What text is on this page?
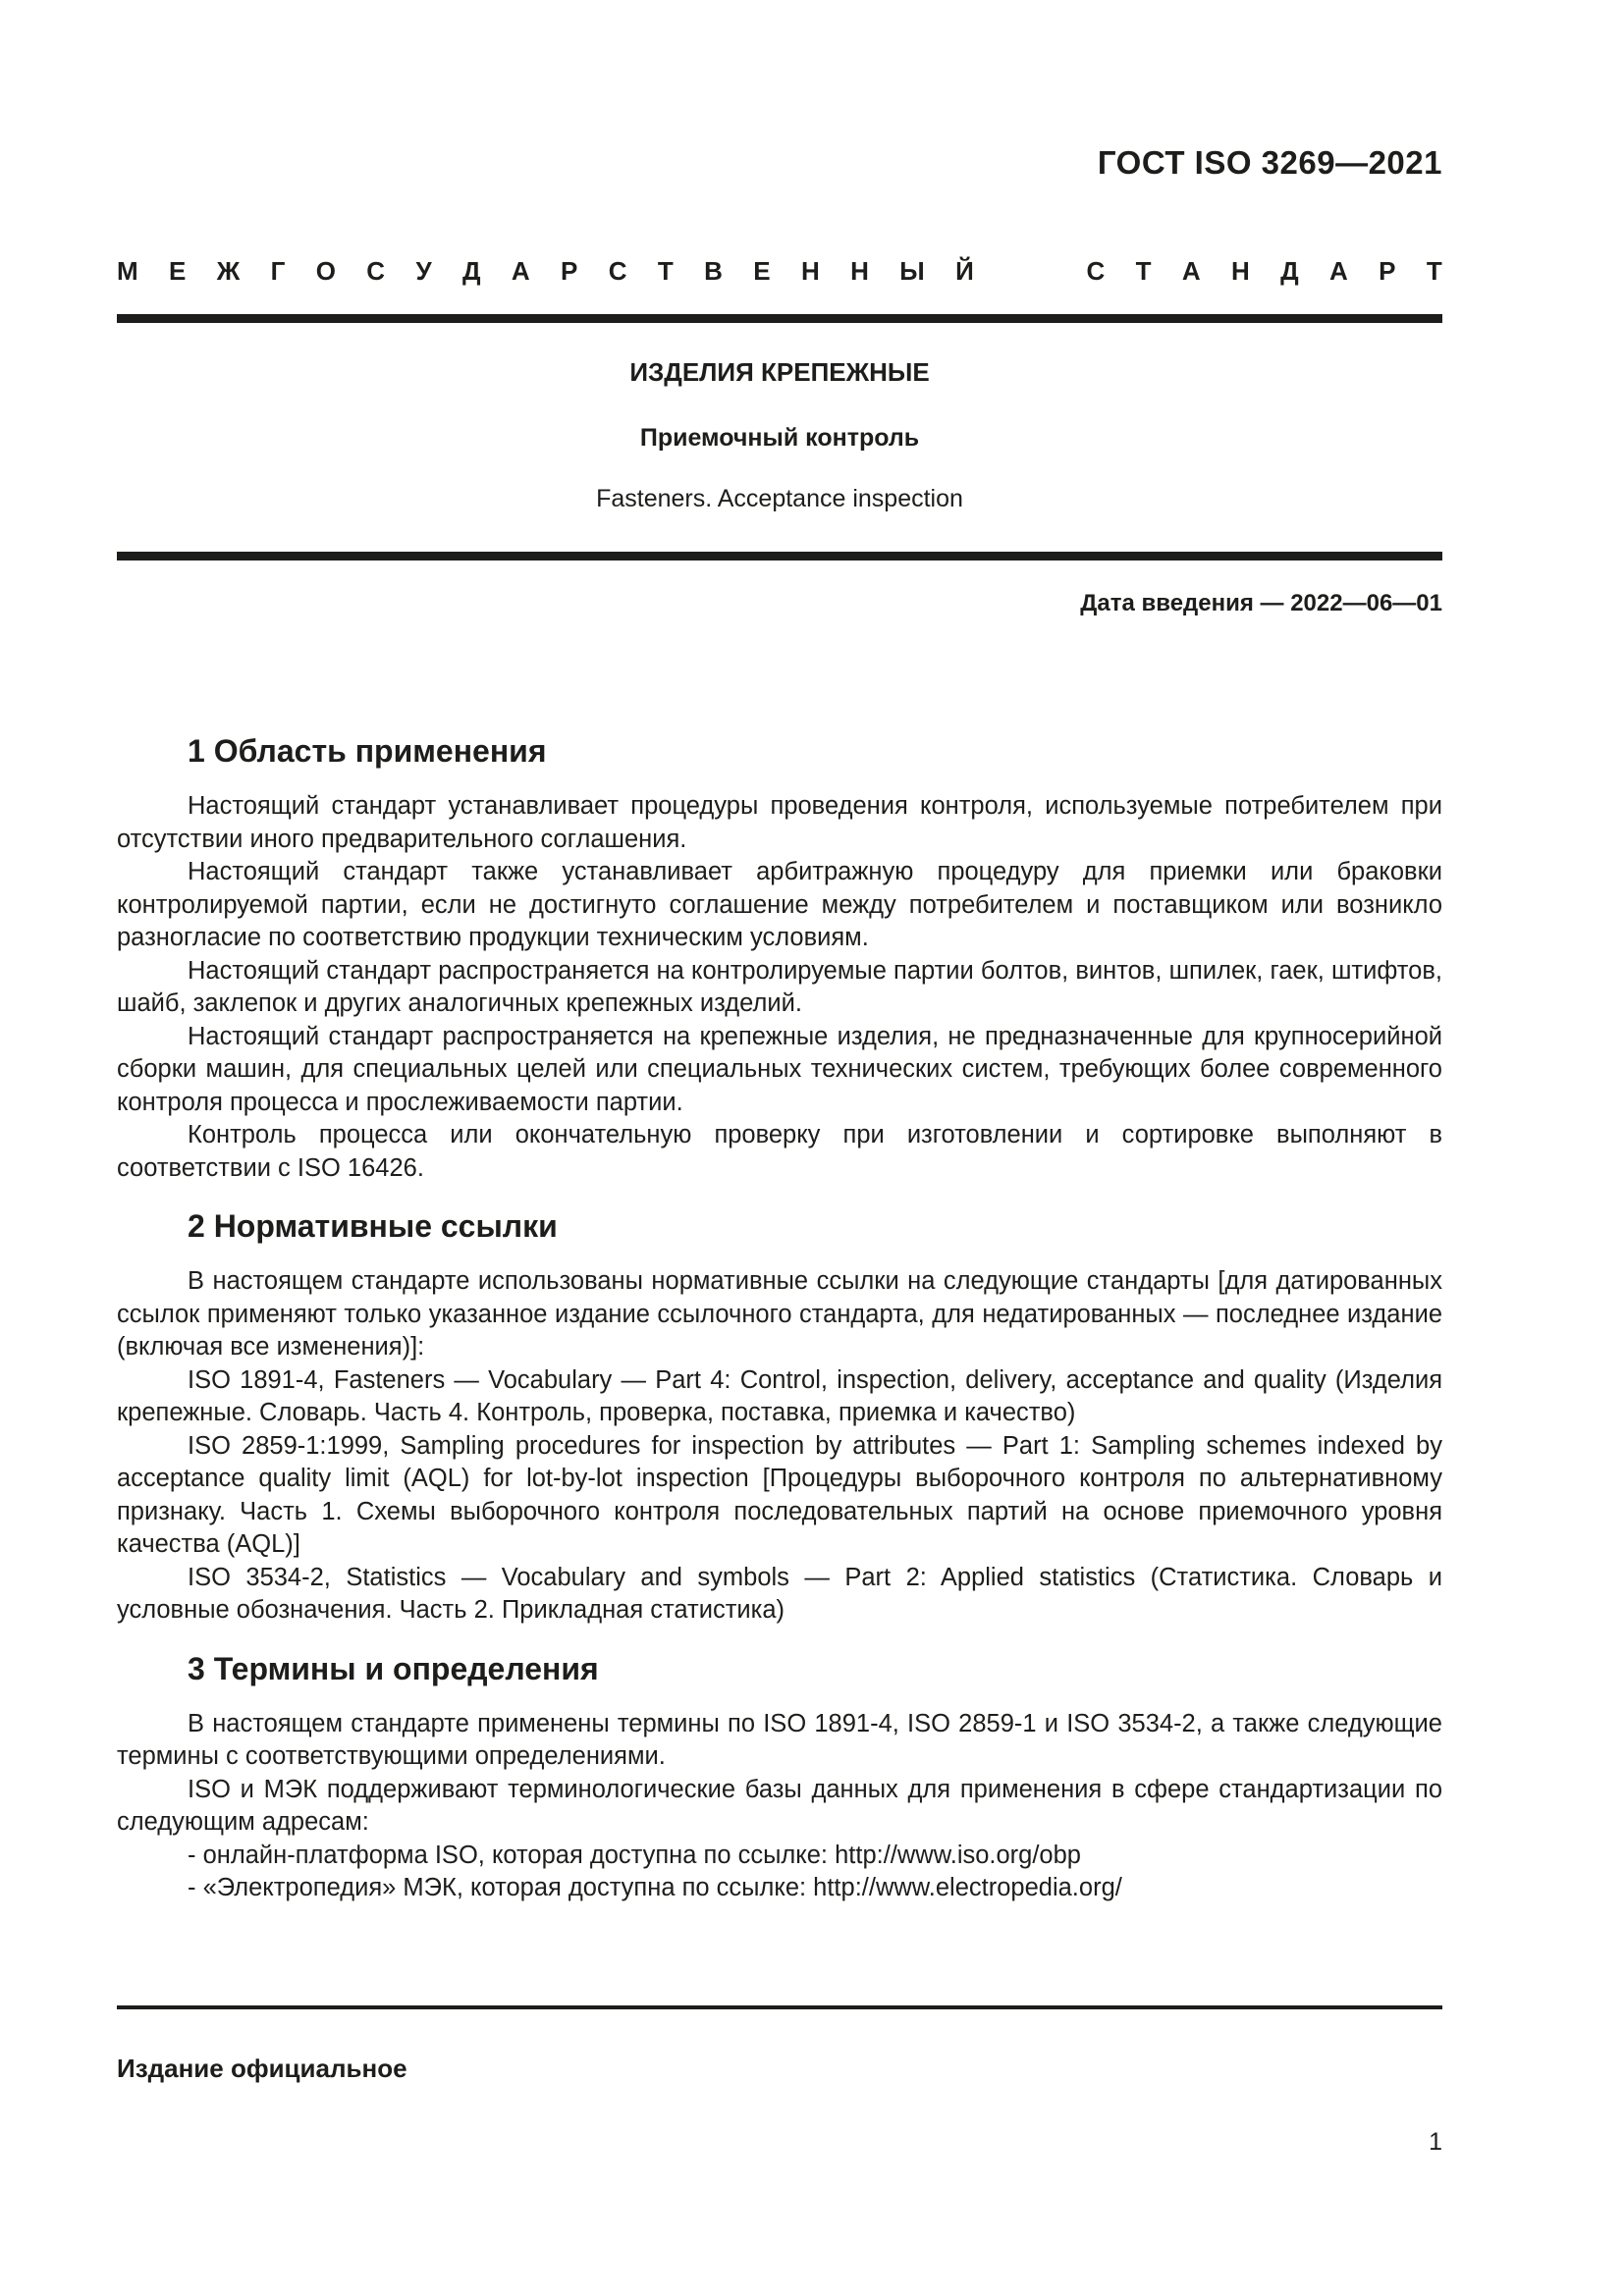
ГОСТ ISO 3269—2021
М Е Ж Г О С У Д А Р С Т В Е Н Н Ы Й	С Т А Н Д А Р Т
ИЗДЕЛИЯ КРЕПЕЖНЫЕ
Приемочный контроль
Fasteners. Acceptance inspection
Дата введения — 2022—06—01
1 Область применения

Настоящий стандарт устанавливает процедуры проведения контроля, используемые потребителем при отсутствии иного предварительного соглашения.

Настоящий стандарт также устанавливает арбитражную процедуру для приемки или браковки контролируемой партии, если не достигнуто соглашение между потребителем и поставщиком или возникло разногласие по соответствию продукции техническим условиям.

Настоящий стандарт распространяется на контролируемые партии болтов, винтов, шпилек, гаек, штифтов, шайб, заклепок и других аналогичных крепежных изделий.

Настоящий стандарт распространяется на крепежные изделия, не предназначенные для крупносерийной сборки машин, для специальных целей или специальных технических систем, требующих более современного контроля процесса и прослеживаемости партии.

Контроль процесса или окончательную проверку при изготовлении и сортировке выполняют в соответствии с ISO 16426.

2 Нормативные ссылки

В настоящем стандарте использованы нормативные ссылки на следующие стандарты [для датированных ссылок применяют только указанное издание ссылочного стандарта, для недатированных — последнее издание (включая все изменения)]:

ISO 1891-4, Fasteners — Vocabulary — Part 4: Control, inspection, delivery, acceptance and quality (Изделия крепежные. Словарь. Часть 4. Контроль, проверка, поставка, приемка и качество)

ISO 2859-1:1999, Sampling procedures for inspection by attributes — Part 1: Sampling schemes indexed by acceptance quality limit (AQL) for lot-by-lot inspection [Процедуры выборочного контроля по альтернативному признаку. Часть 1. Схемы выборочного контроля последовательных партий на основе приемочного уровня качества (AQL)]

ISO 3534-2, Statistics — Vocabulary and symbols — Part 2: Applied statistics (Статистика. Словарь и условные обозначения. Часть 2. Прикладная статистика)

3 Термины и определения

В настоящем стандарте применены термины по ISO 1891-4, ISO 2859-1 и ISO 3534-2, а также следующие термины с соответствующими определениями.

ISO и МЭК поддерживают терминологические базы данных для применения в сфере стандартизации по следующим адресам:

- онлайн-платформа ISO, которая доступна по ссылке: http://www.iso.org/obp

- «Электропедия» МЭК, которая доступна по ссылке: http://www.electropedia.org/

Издание официальное
1
